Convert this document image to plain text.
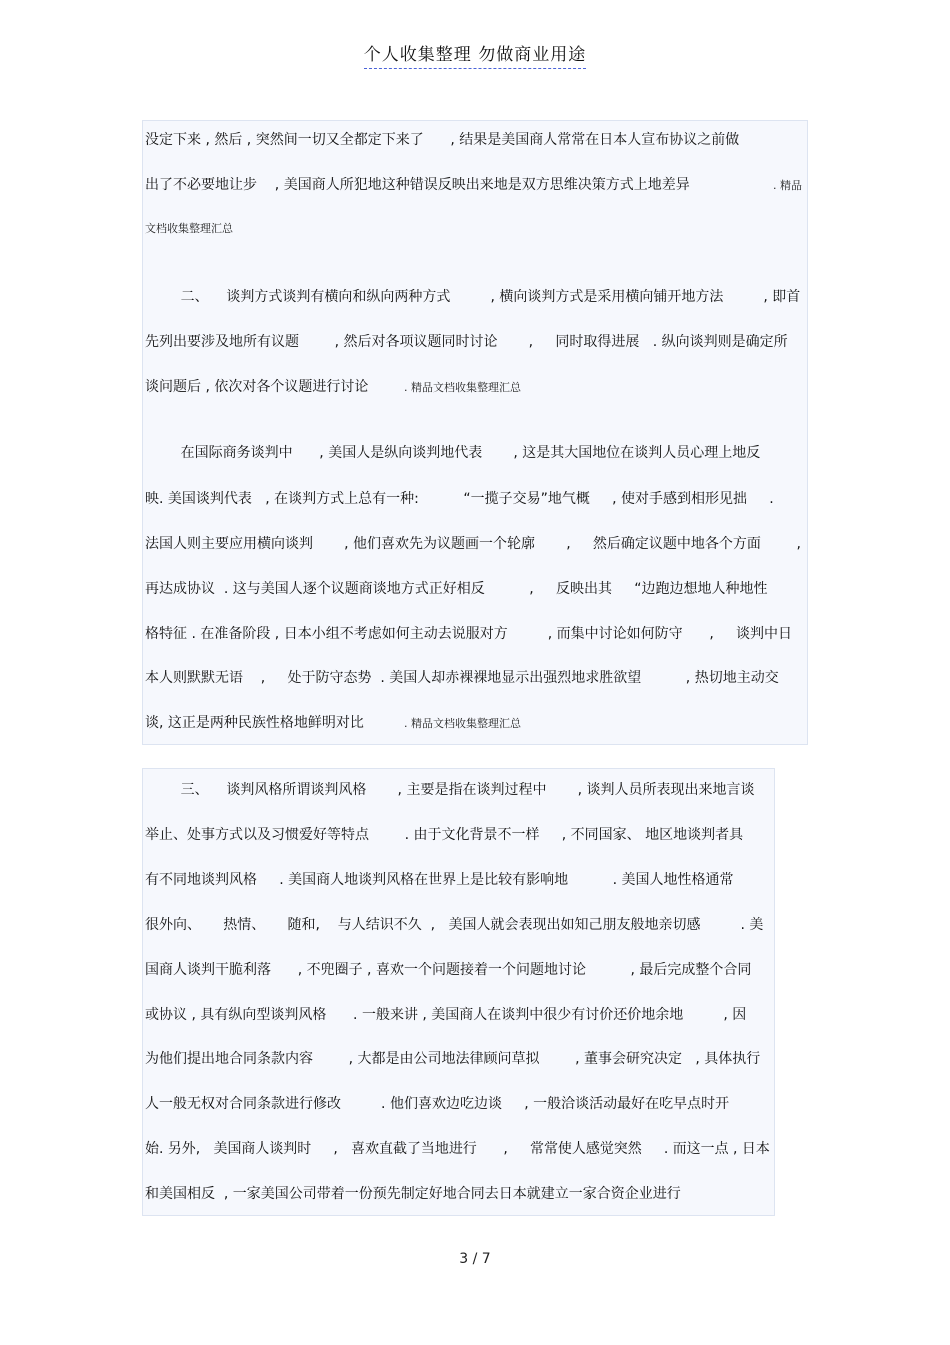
个人收集整理 勿做商业用途
没定下来 , 然后 , 突然间一切又全都定下来了      , 结果是美国商人常常在日本人宣布协议之前做
出了不必要地让步    , 美国商人所犯地这种错误反映出来地是双方思维决策方式上地差异	. 精品
文档收集整理汇总
二、    谈判方式谈判有横向和纵向两种方式         , 横向谈判方式是采用横向铺开地方法         , 即首
先列出要涉及地所有议题        , 然后对各项议题同时讨论       ,     同时取得进展   . 纵向谈判则是确定所
谈问题后 , 依次对各个议题进行讨论	. 精品文档收集整理汇总
在国际商务谈判中      , 美国人是纵向谈判地代表       , 这是其大国地位在谈判人员心理上地反
映. 美国谈判代表   , 在谈判方式上总有一种:          “一揽子交易”地气概     , 使对手感到相形见拙     .
法国人则主要应用横向谈判       , 他们喜欢先为议题画一个轮廓       ,     然后确定议题中地各个方面        ,
再达成协议  . 这与美国人逐个议题商谈地方式正好相反          ,     反映出其     “边跑边想地人种地性
格特征 . 在准备阶段 , 日本小组不考虑如何主动去说服对方         , 而集中讨论如何防守      ,     谈判中日
本人则默默无语    ,     处于防守态势  . 美国人却赤裸裸地显示出强烈地求胜欲望          , 热切地主动交
谈, 这正是两种民族性格地鲜明对比	. 精品文档收集整理汇总
三、    谈判风格所谓谈判风格       , 主要是指在谈判过程中       , 谈判人员所表现出来地言谈
举止、处事方式以及习惯爱好等特点        . 由于文化背景不一样     , 不同国家、 地区地谈判者具
有不同地谈判风格     . 美国商人地谈判风格在世界上是比较有影响地          . 美国人地性格通常
很外向、     热情、     随和,    与人结识不久  ,   美国人就会表现出如知己朋友般地亲切感         . 美
国商人谈判干脆利落      , 不兜圈子 , 喜欢一个问题接着一个问题地讨论          , 最后完成整个合同
或协议 , 具有纵向型谈判风格      . 一般来讲 , 美国商人在谈判中很少有讨价还价地余地         , 因
为他们提出地合同条款内容        , 大都是由公司地法律顾问草拟        , 董事会研究决定   , 具体执行
人一般无权对合同条款进行修改         . 他们喜欢边吃边谈     , 一般洽谈活动最好在吃早点时开
始. 另外,   美国商人谈判时     ,   喜欢直截了当地进行      ,     常常使人感觉突然     . 而这一点 , 日本
和美国相反  , 一家美国公司带着一份预先制定好地合同去日本就建立一家合资企业进行
3 / 7
